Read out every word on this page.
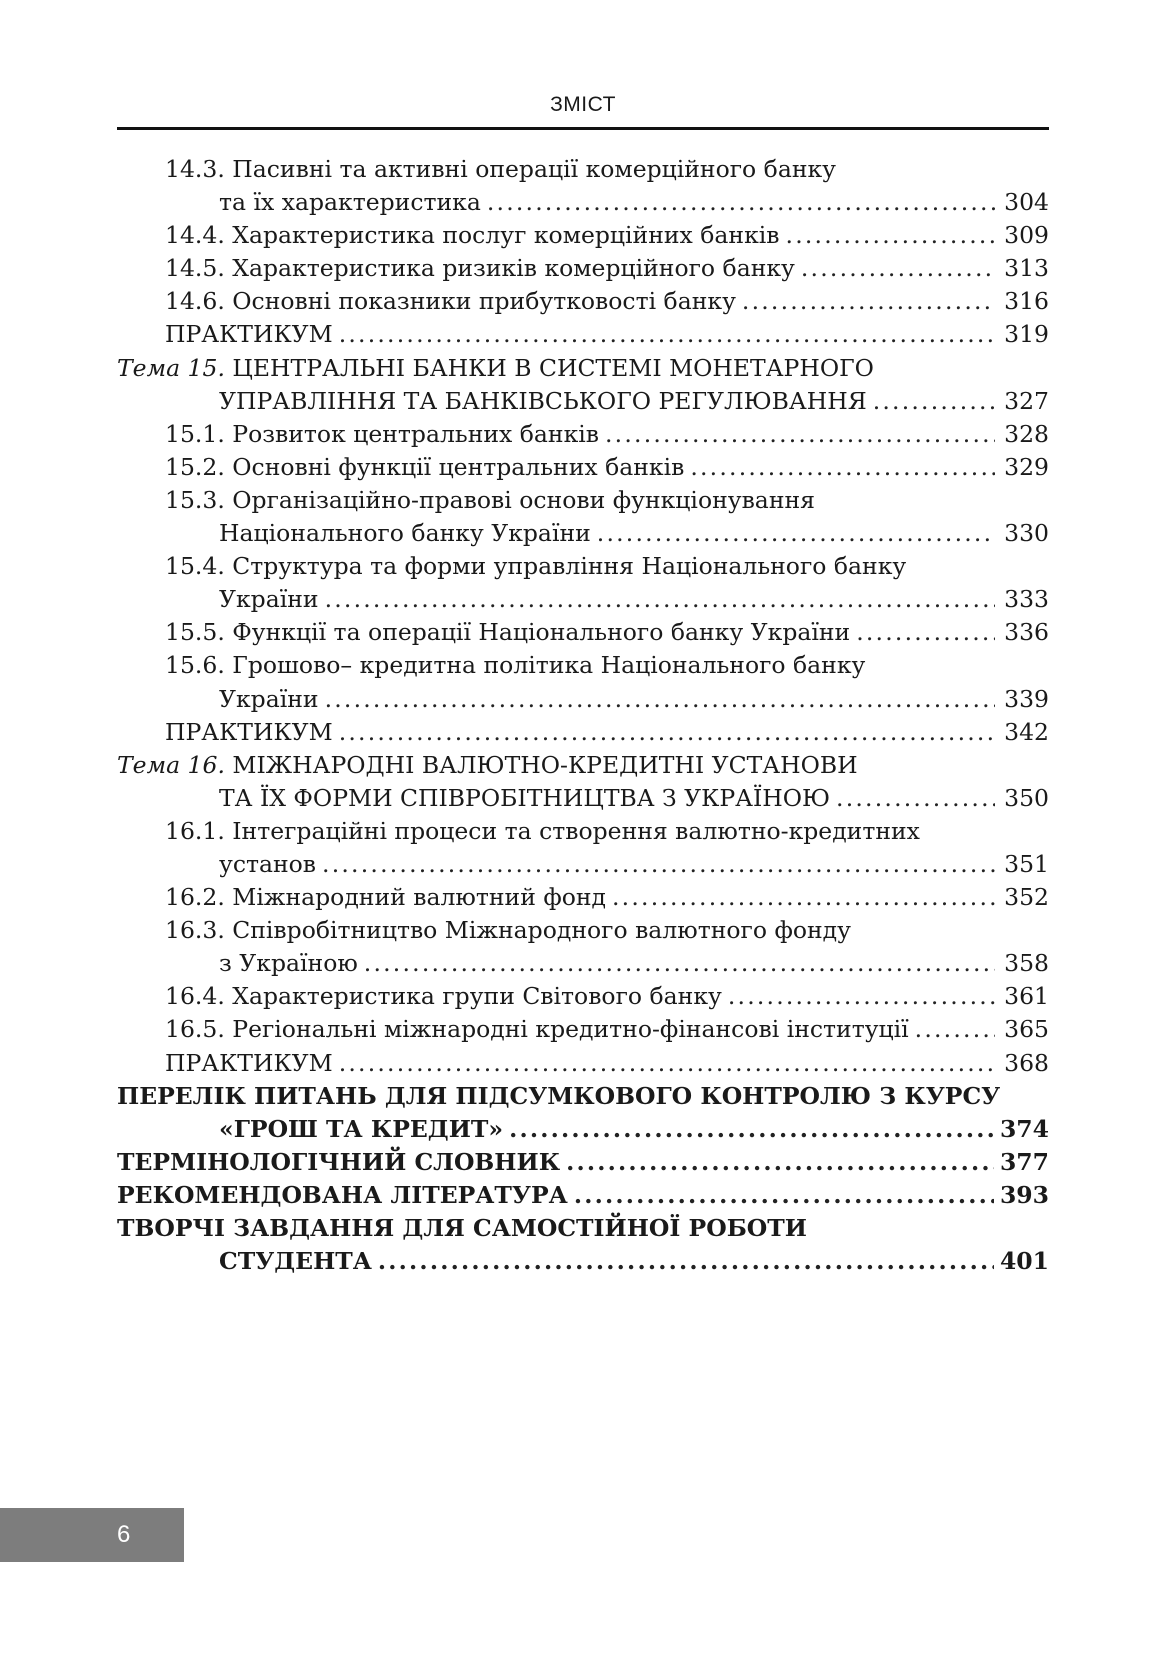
ЗМІСТ
14.3. Пасивні та активні операції комерційного банку
та їх характеристика .....	304
14.4. Характеристика послуг комерційних банків .....	309
14.5. Характеристика ризиків комерційного банку .....	313
14.6. Основні показники прибутковості банку .....	316
ПРАКТИКУМ .....	319
Тема 15.
ЦЕНТРАЛЬНІ БАНКИ В СИСТЕМІ МОНЕТАРНОГО
УПРАВЛІННЯ ТА БАНКІВСЬКОГО РЕГУЛЮВАННЯ .....	327
15.1. Розвиток центральних банків .....	328
15.2. Основні функції центральних банків .....	329
15.3. Організаційно-правові основи функціонування
Національного банку України .....	330
15.4. Структура та форми управління Національного банку
України .....	333
15.5. Функції та операції Національного банку України .....	336
15.6. Грошово– кредитна політика Національного банку
України .....	339
ПРАКТИКУМ .....	342
Тема 16.
МІЖНАРОДНІ ВАЛЮТНО-КРЕДИТНІ УСТАНОВИ
ТА ЇХ ФОРМИ СПІВРОБІТНИЦТВА З УКРАЇНОЮ .....	350
16.1. Інтеграційні процеси та створення валютно-кредитних
установ .....	351
16.2. Міжнародний валютний фонд .....	352
16.3. Співробітництво Міжнародного валютного фонду
з Україною .....	358
16.4. Характеристика групи Світового банку .....	361
16.5. Регіональні міжнародні кредитно-фінансові інституції .....	365
ПРАКТИКУМ .....	368
ПЕРЕЛІК ПИТАНЬ ДЛЯ ПІДСУМКОВОГО КОНТРОЛЮ З КУРСУ
«ГРОШ ТА КРЕДИТ» .....	374
ТЕРМІНОЛОГІЧНИЙ СЛОВНИК .....	377
РЕКОМЕНДОВАНА ЛІТЕРАТУРА .....	393
ТВОРЧІ ЗАВДАННЯ ДЛЯ САМОСТІЙНОЇ РОБОТИ
СТУДЕНТА .....	401
6
